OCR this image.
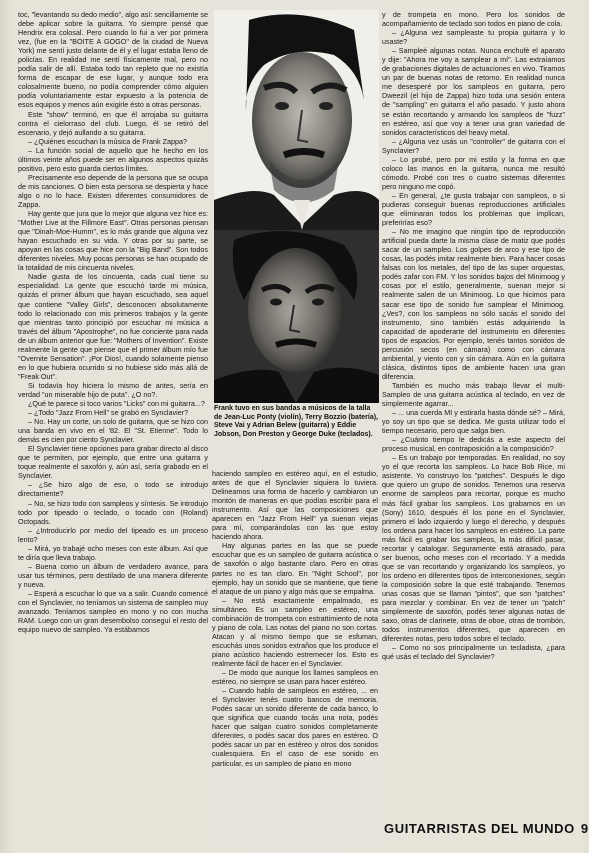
toc, "levantando su dedo medio", algo así: sencillamente se debe aplicar sobre la guitarra. Yo siempre pensé que Hendrix era colosal. Pero cuando lo fui a ver por primera vez, (fue en la "BOITE A GOGO" de la ciudad de Nueva York) me sentí justo delante de él y el lugar estaba lleno de policías. En realidad me sentí físicamente mal, pero no podía salir de allí. Estaba todo tan repleto que no existía forma de escapar de ese lugar, y aunque todo era colosalmente bueno, no podía comprender cómo alguien podía voluntariamente estar expuesto a la potencia de esos equipos y menos aún exigirle ésto a otras personas.

Este "show" terminó, en que él arrojaba su guitarra contra el cielorraso del club. Luego, él se retiró del escenario, y dejó aullando a su guitarra.

– ¿Quiénes escuchan la música de Frank Zappa?

– La función social de aquello que he hecho en los últimos veinte años puede ser en algunos aspectos quizás positivo, pero esto guarda ciertos límites.

Precisamente eso depende de la persona que se ocupa de mis canciones. O bien esta persona se despierta y hace algo o no lo hace. Existen diferentes consumidores de Zappa.

Hay gente que jura que lo mejor que alguna vez hice es: "Mother Live at the Fillmore East". Otras personas piensan que "Dinah-Moe-Humm", es lo más grande que alguna vez hayan escuchado en su vida. Y otras por su parte, se apoyan en las cosas que hice con la "Big Band". Son todos diferentes niveles. Muy pocas personas se han ocupado de la totalidad de mis cincuenta niveles.

Nadie gusta de los cincuenta, cada cual tiene su especialidad. La gente que escuchó tarde mi música, quizás el primer álbum que hayan escuchado, sea aquel que contiene "Valley Girls", desconocen absolutamente todo lo relacionado con mis primeros trabajos y la gente que mientras tanto principió por escuchar mi música a través del álbum "Apostrophe", no fue conciente para nada de un álbum anterior que fue: "Mothers of Invention". Existe realmente la gente que piense que el primer álbum mío fue "Overnite Sensation". ¡Por Dios!, cuando solamente pienso en lo que hubiera ocurrido si no hubiese sido más allá de "Freak Out".

Si todavía hoy hiciera lo mismo de antes, sería en verdad "un miserable hijo de puta". ¿O no?.

¿Qué te parece si toco varios "Licks" con mi guitarra...?

– ¿Todo "Jazz From Hell" se grabó en Synclavier?

– No. Hay un corte, un solo de guitarra, que se hizo con una banda en vivo en el '82. El "St. Etienne". Todo lo demás es cien por ciento Synclavier.

El Synclavier tiene opciones para grabar directo al disco que te permiten, por ejemplo, que entre una guitarra y toque realmente el saxofón y, aún así, sería grabado en el Synclavier.

– ¿Se hizo algo de eso, o todo se introdujo directamente?

– No, se hizo todo con sampleos y síntesis. Se introdujo todo por tipeado o teclado, o tocado con (Roland) Octopads.

– ¿Introducirlo por medio del tipeado es un proceso lento?

– Mirá, yo trabajé ocho meses con este álbum. Así que te diría que lleva trabajo.

– Buena como un álbum de verdadero avance, para usar tus términos, pero destilado de una manera diferente y nueva.

– Esperá a escuchar lo que va a salir. Cuando comencé con el Synclavier, no teníamos un sistema de sampleo muy avanzado. Teníamos sampleo en mono y no con mucha RAM. Luego con un gran desembolso conseguí el resto del equipo nuevo de sampleo. Ya estábamos

Frank tuvo en sus bandas a músicos de la talla de Jean-Luc Ponty (violín), Terry Bozzio (batería), Steve Vai y Adrian Belew (guitarra) y Eddie Jobson, Don Preston y George Duke (teclados).

haciendo sampleo en estéreo aquí, en el estudio, antes de que el Synclavier siquiera lo tuviera. Delineamos una forma de hacerlo y cambiaron un montón de maneras en que podías escribir para el instrumento. Así que las composiciones que aparecen en "Jazz From Hell" ya suenan viejas para mí, comparándolas con las que estoy haciendo ahora.

Hay algunas partes en las que se puede escuchar que es un sampleo de guitarra acústica o de saxofón o algo bastante claro. Pero en otras partes no es tan claro. En "Night School", por ejemplo, hay un sonido que se mantiene, que tiene el ataque de un piano y algo más que se empalma.

– No está exactamente empalmado, es simultáneo. Es un sampleo en estéreo, una combinación de trompeta con estrattimiento de nota y piano de cola. Las notas del piano no son cortas. Atacan y al mismo tiempo que se esfuman, escuchás unos sonidos extraños que los produce el piano acústico haciendo estremecer los. Esto es realmente fácil de hacer en el Synclavier.

– De modo que aunque los llames sampleos en estéreo, no siempre se usan para hacer estéreo.

– Cuando hablo de sampleos en estéreo, ... en el Synclavier tenés cuatro bancos de memoria. Podés sacar un sonido diferente de cada banco, lo que significa que cuando tocás una nota, podés hacer que salgan cuatro sonidos completamente diferentes, o podés sacar dos pares en estéreo. O podés sacar un par en estéreo y otros dos sonidos cualesquiera. En el caso de ese sonido en particular, es un sampleo de piano en mono

y de trompeta en mono. Pero los sonidos de acompañamiento de teclado son todos en piano de cola.

– ¿Alguna vez sampleaste tu propia guitarra y lo usaste?

– Sampleé algunas notas. Nunca enchufé el aparato y dije: "Ahora me voy a samplear a mí". Las extraíamos de grabaciones digitales de actuaciones en vivo. Tiramos un par de buenas notas de retorno. En realidad nunca me desesperé por los sampleos en guitarra, pero Dweezil (el hijo de Zappa) hizo toda una sesión entera de "sampling" en guitarra el año pasado. Y justo ahora se están recortando y armando los sampleos de "fuzz" en estéreo, así que voy a tener una gran variedad de sonidos característicos del heavy metal.

– ¿Alguna vez usás un "controller" de guitarra con el Synclavier?

– Lo probé, pero por mi estilo y la forma en que coloco las manos en la guitarra, nunca me resultó cómodo. Probé con tres o cuatro sistemas diferentes pero ninguno me copó.

– En general, ¿te gusta trabajar con sampleos, o si pudieras conseguir buenas reproducciones artificiales que eliminaran todos los problemas que implican, preferirías eso?

– No me imagino que ningún tipo de reproducción artificial pueda darte la misma clase de matiz que podés sacar de un sampleo. Los golpes de arco y ese tipo de cosas, las podés imitar realmente bien. Para hacer cosas falsas con los metales, del tipo de las super orquestas, podés zafar con FM. Y los sonidos bajos del Minimoog y cosas por el estilo, generalmente, suenan mejor si realmente salen de un Minimoog. Lo que hicimos para sacar ese tipo de sonido fue samplear el Minimoog. ¿Ves?, con los sampleos no sólo sacás el sonido del instrumento, sino también estás adquiriendo la capacidad de apoderarte del instrumento en diferentes tipos de espacios. Por ejemplo, tenés tantos sonidos de percusión secos (en cámara) como con cámara ambiental, y viento con y sin cámara. Aún en la guitarra clásica, distintos tipos de ambiente hacen una gran diferencia.

También es mucho más trabajo llevar el multi-Sampleo de una guitarra acústica al teclado, en vez de simplemente agarrar...

– ... una cuerda MI y estirarla hasta dónde sé? – Mirá, yo soy un tipo que se dedica. Me gusta utilizar todo el tiempo necesario, pero que salga bien.

– ¿Cuánto tiempo le dedicás a este aspecto del proceso musical, en contraposición a la composición?

– Es un trabajo por temporadas. En realidad, no soy yo el que recorta los sampleos. Lo hace Bob Rice, mi asistente. Yo construyo los "patches". Después le digo que quiero un grupo de sonidos. Tenemos una reserva enorme de sampleos para recortar, porque es mucho más fácil grabar los sampleos. Los grabamos en un (Sony) 1610, después él los pone en el Synclavier, primero el lado izquierdo y luego el derecho, y después los ordena para hacer los sampleos en estéreo. La parte más fácil es grabar los sampleos, la más difícil pasar, recortar y catalogar. Seguramente está atrasado, para ser buenos, ocho meses con el recortado. Y a medida que se van recortando y organizando los sampleos, yo los ordeno en diferentes tipos de interconexiones, según la composición sobre la que esté trabajando. Tenemos unas cosas que se llaman "pintos", que son "patches" para mezclar y combinar. En vez de tener un "patch" simplemente de saxofón, podés tener algunas notas de saxo, otras de clarinete, otras de oboe, otras de trombón, todos instrumentos diferentes, que aparecen en diferentes notas, pero todos sobre el teclado.

– Como no sos principalmente un tecladista, ¿para qué usás el teclado del Synclavier?

GUITARRISTAS DEL MUNDO 9
